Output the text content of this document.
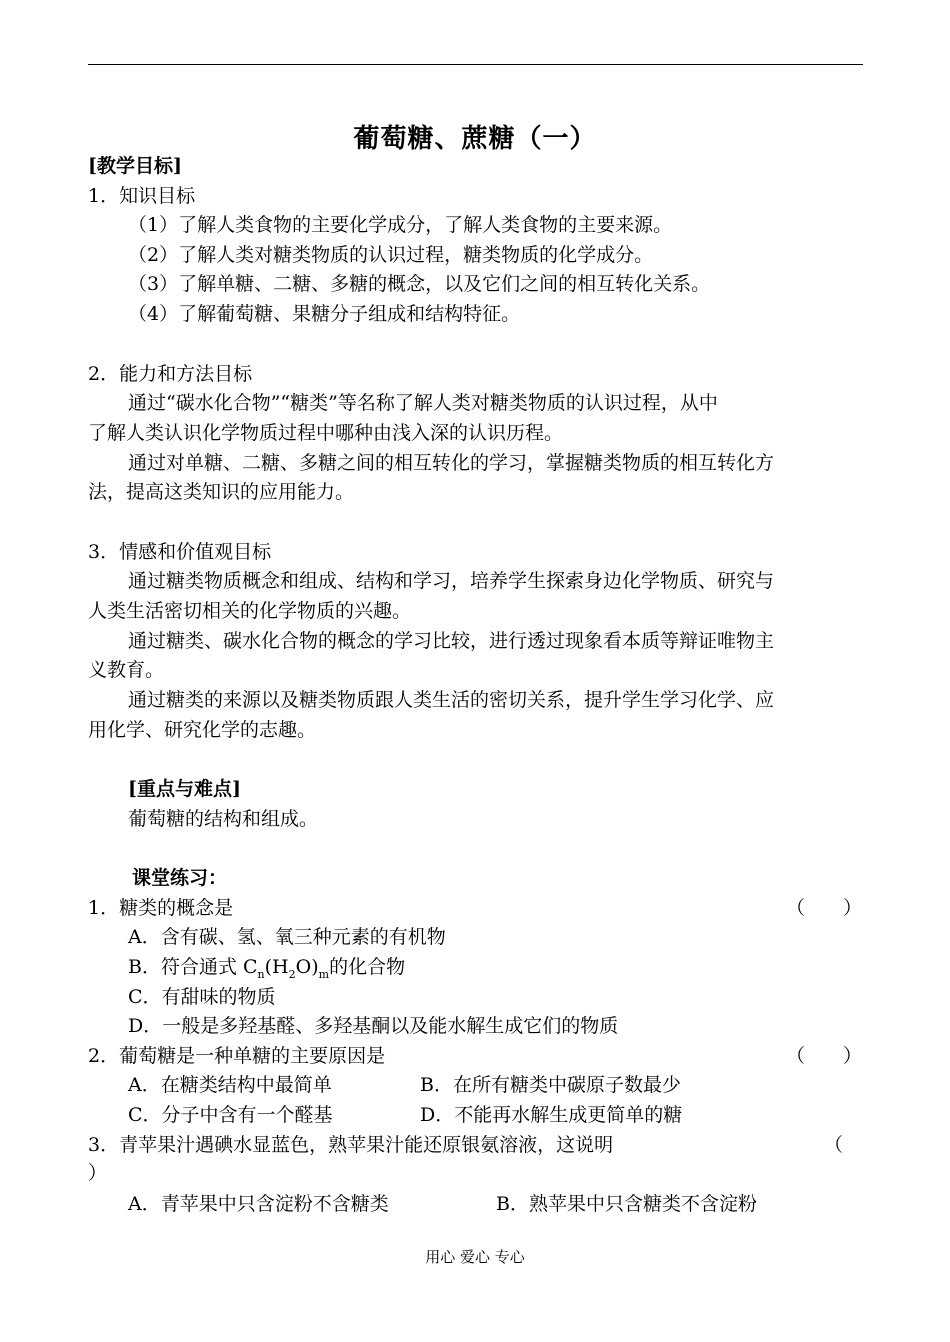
葡萄糖、蔗糖（一）
[教学目标]
1．知识目标
（1）了解人类食物的主要化学成分，了解人类食物的主要来源。
（2）了解人类对糖类物质的认识过程，糖类物质的化学成分。
（3）了解单糖、二糖、多糖的概念，以及它们之间的相互转化关系。
（4）了解葡萄糖、果糖分子组成和结构特征。
2．能力和方法目标
通过“碳水化合物”“糖类”等名称了解人类对糖类物质的认识过程，从中
了解人类认识化学物质过程中哪种由浅入深的认识历程。
通过对单糖、二糖、多糖之间的相互转化的学习，掌握糖类物质的相互转化方
法，提高这类知识的应用能力。
3．情感和价值观目标
通过糖类物质概念和组成、结构和学习，培养学生探索身边化学物质、研究与
人类生活密切相关的化学物质的兴趣。
通过糖类、碳水化合物的概念的学习比较，进行透过现象看本质等辩证唯物主
义教育。
通过糖类的来源以及糖类物质跟人类生活的密切关系，提升学生学习化学、应
用化学、研究化学的志趣。
[重点与难点]
葡萄糖的结构和组成。
课堂练习：
1．糖类的概念是	（　　）
A．含有碳、氢、氧三种元素的有机物
B．符合通式 $C_n(H_2O)_m$的化合物
C．有甜味的物质
D．一般是多羟基醛、多羟基酮以及能水解生成它们的物质
2．葡萄糖是一种单糖的主要原因是	（　　）
A．在糖类结构中最简单	B．在所有糖类中碳原子数最少
C．分子中含有一个醛基	D．不能再水解生成更简单的糖
3．青苹果汁遇碘水显蓝色，熟苹果汁能还原银氨溶液，这说明	（
）
A．青苹果中只含淀粉不含糖类	B．熟苹果中只含糖类不含淀粉
用心 爱心 专心
